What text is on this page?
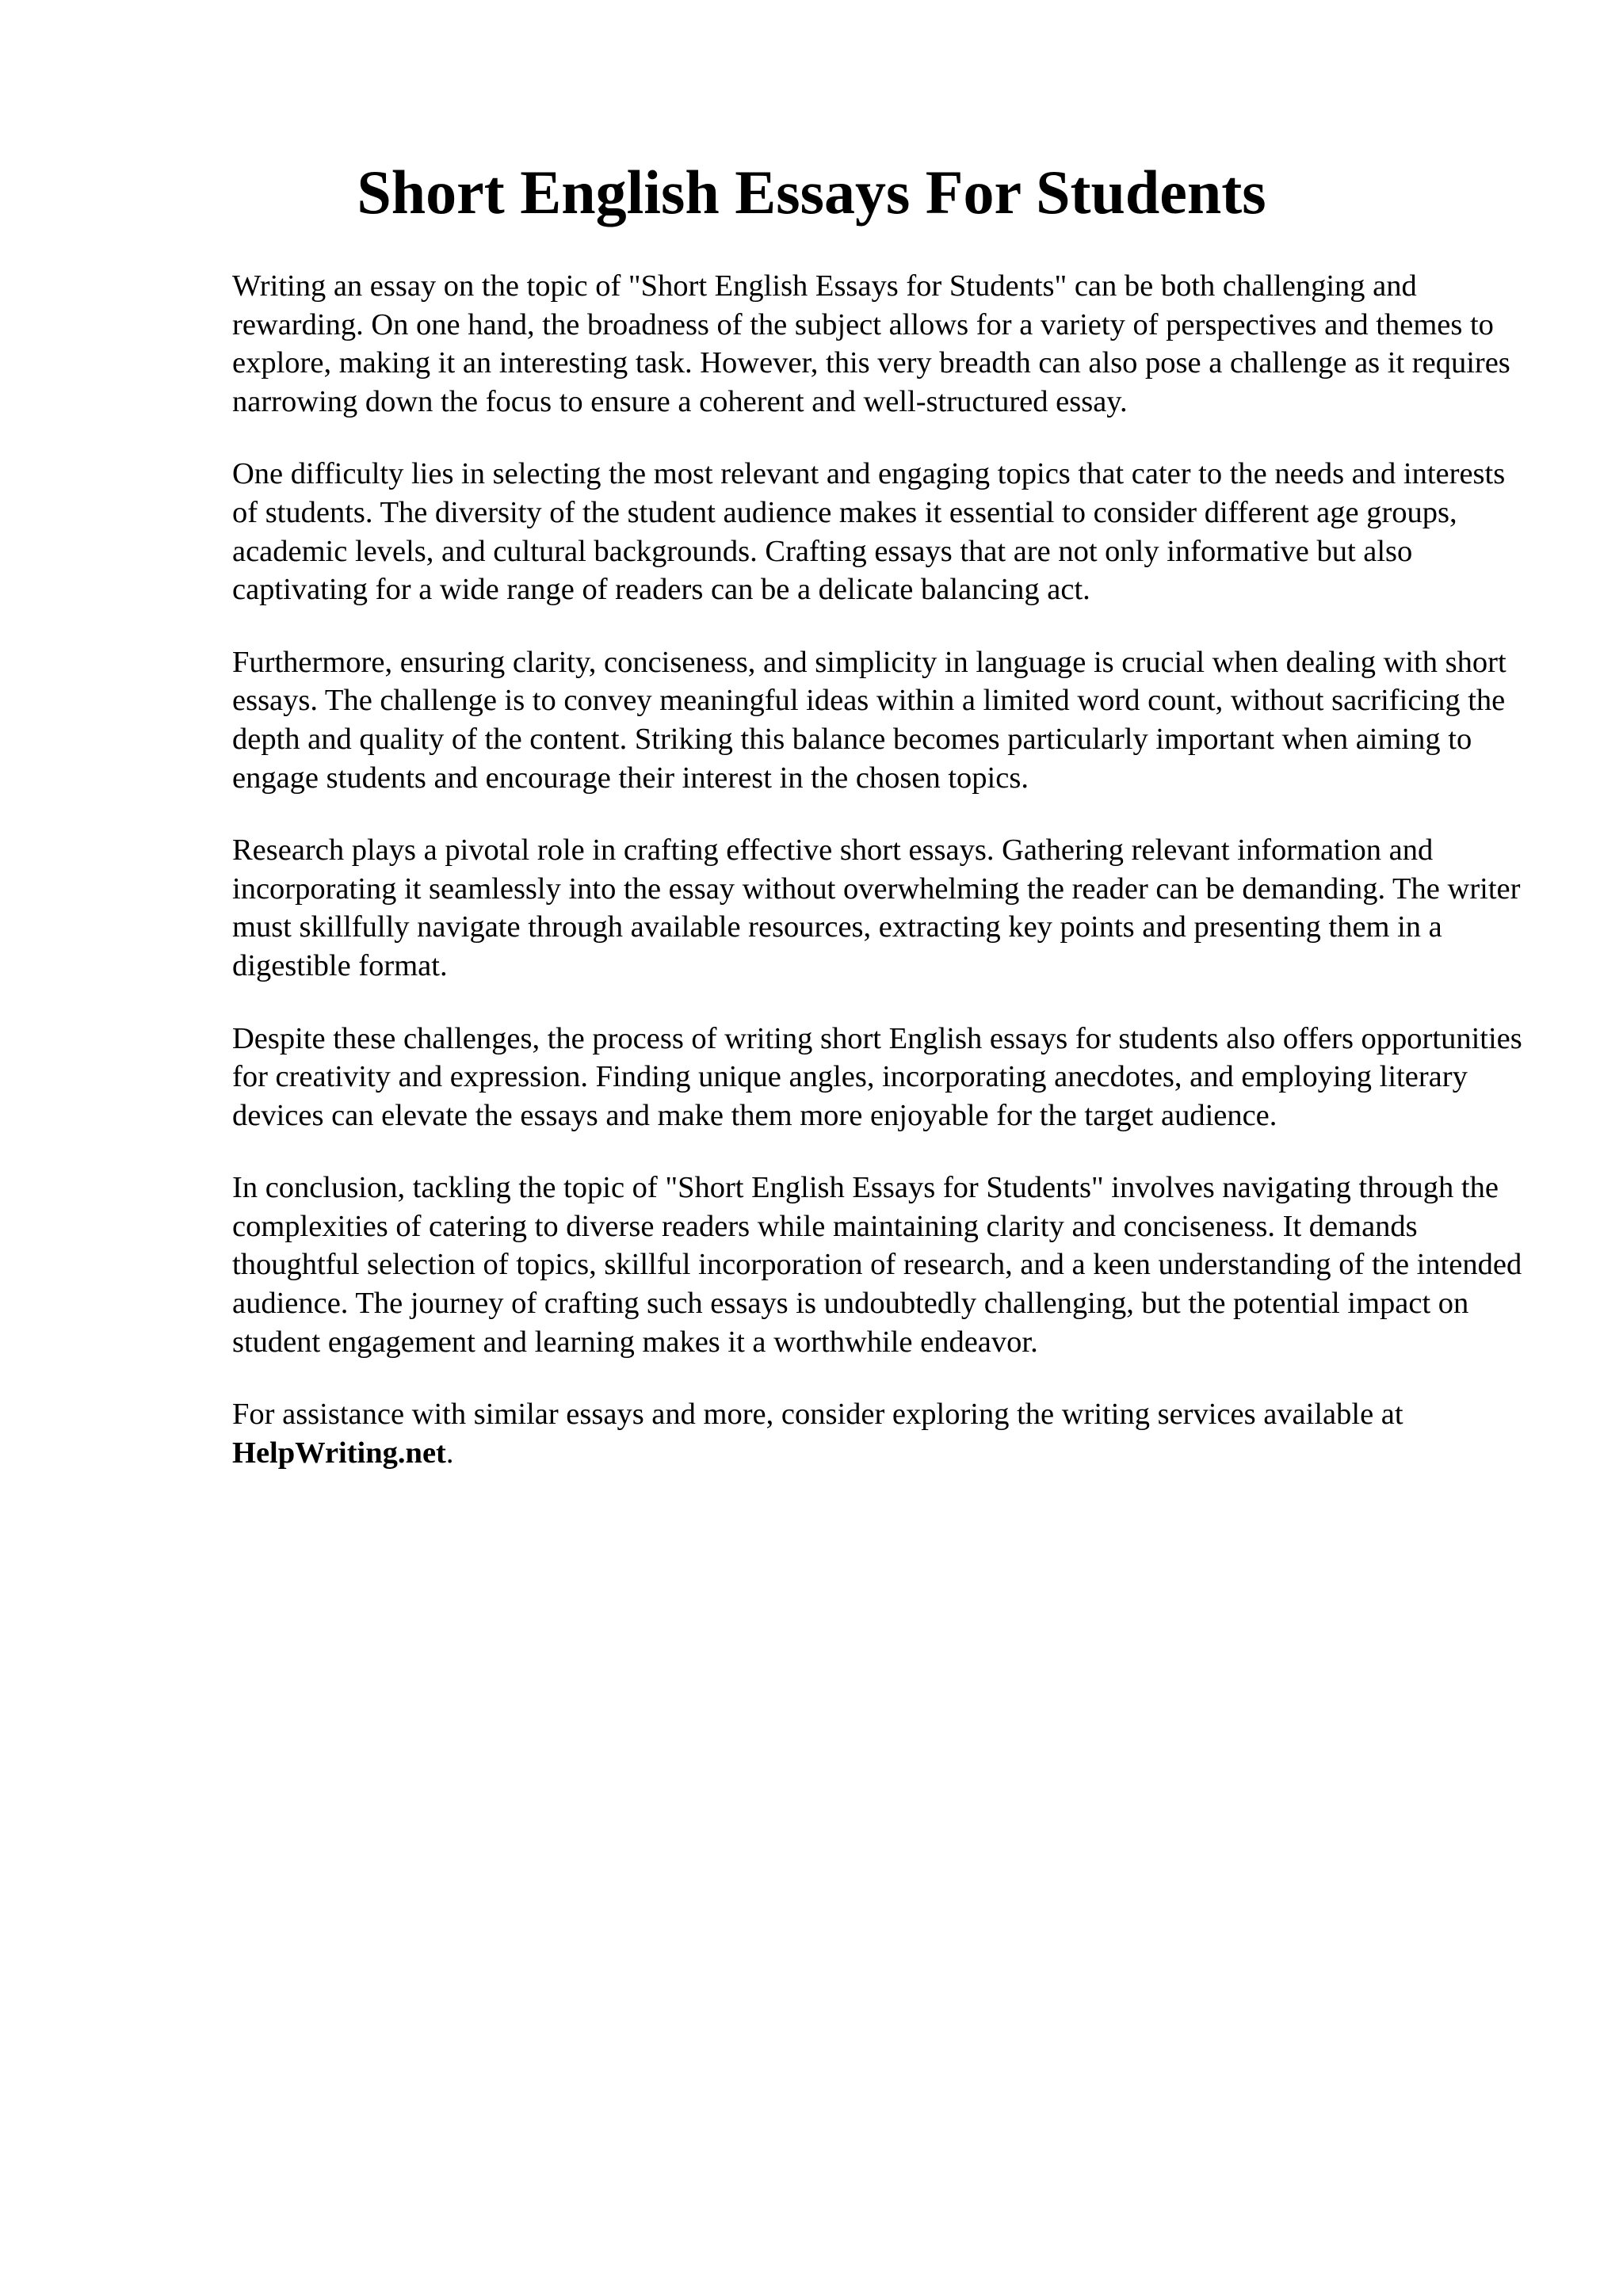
Short English Essays For Students

Writing an essay on the topic of "Short English Essays for Students" can be both challenging and rewarding. On one hand, the broadness of the subject allows for a variety of perspectives and themes to explore, making it an interesting task. However, this very breadth can also pose a challenge as it requires narrowing down the focus to ensure a coherent and well-structured essay.

One difficulty lies in selecting the most relevant and engaging topics that cater to the needs and interests of students. The diversity of the student audience makes it essential to consider different age groups, academic levels, and cultural backgrounds. Crafting essays that are not only informative but also captivating for a wide range of readers can be a delicate balancing act.

Furthermore, ensuring clarity, conciseness, and simplicity in language is crucial when dealing with short essays. The challenge is to convey meaningful ideas within a limited word count, without sacrificing the depth and quality of the content. Striking this balance becomes particularly important when aiming to engage students and encourage their interest in the chosen topics.

Research plays a pivotal role in crafting effective short essays. Gathering relevant information and incorporating it seamlessly into the essay without overwhelming the reader can be demanding. The writer must skillfully navigate through available resources, extracting key points and presenting them in a digestible format.

Despite these challenges, the process of writing short English essays for students also offers opportunities for creativity and expression. Finding unique angles, incorporating anecdotes, and employing literary devices can elevate the essays and make them more enjoyable for the target audience.

In conclusion, tackling the topic of "Short English Essays for Students" involves navigating through the complexities of catering to diverse readers while maintaining clarity and conciseness. It demands thoughtful selection of topics, skillful incorporation of research, and a keen understanding of the intended audience. The journey of crafting such essays is undoubtedly challenging, but the potential impact on student engagement and learning makes it a worthwhile endeavor.

For assistance with similar essays and more, consider exploring the writing services available at HelpWriting.net.
